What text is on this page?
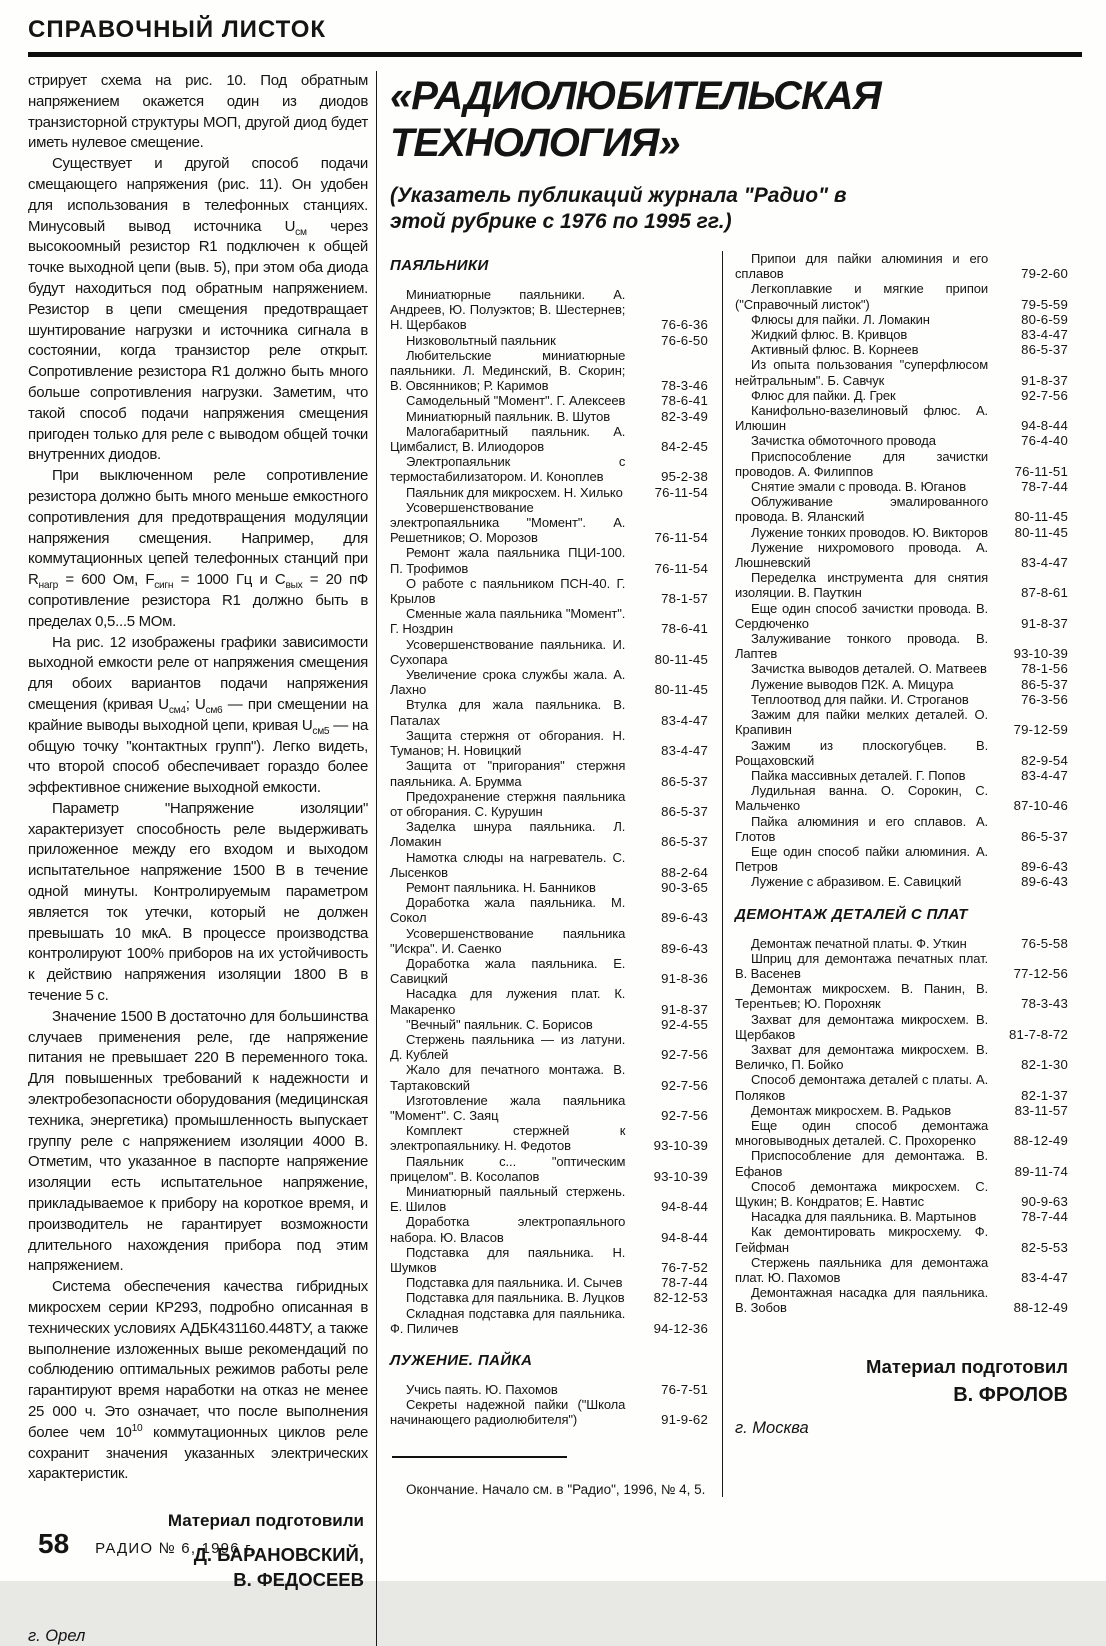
СПРАВОЧНЫЙ ЛИСТОК

стрирует схема на рис. 10. Под обратным напряжением окажется один из диодов транзисторной структуры МОП, другой диод будет иметь нулевое смещение.

Существует и другой способ подачи смещающего напряжения (рис. 11). Он удобен для использования в телефонных станциях. Минусовый вывод источника $U_{см}$ через высокоомный резистор R1 подключен к общей точке выходной цепи (выв. 5), при этом оба диода будут находиться под обратным напряжением. Резистор в цепи смещения предотвращает шунтирование нагрузки и источника сигнала в состоянии, когда транзистор реле открыт. Сопротивление резистора R1 должно быть много больше сопротивления нагрузки. Заметим, что такой способ подачи напряжения смещения пригоден только для реле с выводом общей точки внутренних диодов.

При выключенном реле сопротивление резистора должно быть много меньше емкостного сопротивления для предотвращения модуляции напряжения смещения. Например, для коммутационных цепей телефонных станций при $R_{нагр} = 600$ Ом, $F_{сигн} = 1000$ Гц и $С_{вых} = 20$ пФ сопротивление резистора R1 должно быть в пределах 0,5...5 МОм.

На рис. 12 изображены графики зависимости выходной емкости реле от напряжения смещения для обоих вариантов подачи напряжения смещения (кривая $U_{см4}$; $U_{см6}$ — при смещении на крайние выводы выходной цепи, кривая $U_{см5}$ — на общую точку "контактных групп"). Легко видеть, что второй способ обеспечивает гораздо более эффективное снижение выходной емкости.

Параметр "Напряжение изоляции" характеризует способность реле выдерживать приложенное между его входом и выходом испытательное напряжение 1500 В в течение одной минуты. Контролируемым параметром является ток утечки, который не должен превышать 10 мкА. В процессе производства контролируют 100% приборов на их устойчивость к действию напряжения изоляции 1800 В в течение 5 с.

Значение 1500 В достаточно для большинства случаев применения реле, где напряжение питания не превышает 220 В переменного тока. Для повышенных требований к надежности и электробезопасности оборудования (медицинская техника, энергетика) промышленность выпускает группу реле с напряжением изоляции 4000 В. Отметим, что указанное в паспорте напряжение изоляции есть испытательное напряжение, прикладываемое к прибору на короткое время, и производитель не гарантирует возможности длительного нахождения прибора под этим напряжением.

Система обеспечения качества гибридных микросхем серии КР293, подробно описанная в технических условиях АДБК431160.448ТУ, а также выполнение изложенных выше рекомендаций по соблюдению оптимальных режимов работы реле гарантируют время наработки на отказ не менее 25 000 ч. Это означает, что после выполнения более чем $10^{10}$ коммутационных циклов реле сохранит значения указанных электрических характеристик.

Материал подготовили
Д. БАРАНОВСКИЙ,
В. ФЕДОСЕЕВ
г. Орел
«РАДИОЛЮБИТЕЛЬСКАЯ ТЕХНОЛОГИЯ»
(Указатель публикаций журнала "Радио" в этой рубрике с 1976 по 1995 гг.)
ПАЯЛЬНИКИ
Миниатюрные паяльники. А. Андреев, Ю. Полуэктов; В. Шестернев; Н. Щербаков	76-6-36
Низковольтный паяльник	76-6-50
Любительские миниатюрные паяльники. Л. Мединский, В. Скорин; В. Овсянников; Р. Каримов	78-3-46
Самодельный "Момент". Г. Алексеев	78-6-41
Миниатюрный паяльник. В. Шутов	82-3-49
Малогабаритный паяльник. А. Цимбалист, В. Илиодоров	84-2-45
Электропаяльник с термостабилизатором. И. Коноплев	95-2-38
Паяльник для микросхем. Н. Хилько	76-11-54
Усовершенствование электропаяльника "Момент". А. Решетников; О. Морозов	76-11-54
Ремонт жала паяльника ПЦИ-100. П. Трофимов	76-11-54
О работе с паяльником ПСН-40. Г. Крылов	78-1-57
Сменные жала паяльника "Момент". Г. Ноздрин	78-6-41
Усовершенствование паяльника. И. Сухопара	80-11-45
Увеличение срока службы жала. А. Лахно	80-11-45
Втулка для жала паяльника. В. Паталах	83-4-47
Защита стержня от обгорания. Н. Туманов; Н. Новицкий	83-4-47
Защита от "пригорания" стержня паяльника. А. Брумма	86-5-37
Предохранение стержня паяльника от обгорания. С. Курушин	86-5-37
Заделка шнура паяльника. Л. Ломакин	86-5-37
Намотка слюды на нагреватель. С. Лысенков	88-2-64
Ремонт паяльника. Н. Банников	90-3-65
Доработка жала паяльника. М. Сокол	89-6-43
Усовершенствование паяльника "Искра". И. Саенко	89-6-43
Доработка жала паяльника. Е. Савицкий	91-8-36
Насадка для лужения плат. К. Макаренко	91-8-37
"Вечный" паяльник. С. Борисов	92-4-55
Стержень паяльника — из латуни. Д. Кублей	92-7-56
Жало для печатного монтажа. В. Тартаковский	92-7-56
Изготовление жала паяльника "Момент". С. Заяц	92-7-56
Комплект стержней к электропаяльнику. Н. Федотов	93-10-39
Паяльник с... "оптическим прицелом". В. Косолапов	93-10-39
Миниатюрный паяльный стержень. Е. Шилов	94-8-44
Доработка электропаяльного набора. Ю. Власов	94-8-44
Подставка для паяльника. Н. Шумков	76-7-52
Подставка для паяльника. И. Сычев	78-7-44
Подставка для паяльника. В. Луцков	82-12-53
Складная подставка для паяльника. Ф. Пиличев	94-12-36
ЛУЖЕНИЕ. ПАЙКА
Учись паять. Ю. Пахомов	76-7-51
Секреты надежной пайки ("Школа начинающего радиолюбителя")	91-9-62
Окончание. Начало см. в "Радио", 1996, № 4, 5.
Припои для пайки алюминия и его сплавов	79-2-60
Легкоплавкие и мягкие припои ("Справочный листок")	79-5-59
Флюсы для пайки. Л. Ломакин	80-6-59
Жидкий флюс. В. Кривцов	83-4-47
Активный флюс. В. Корнеев	86-5-37
Из опыта пользования "суперфлюсом нейтральным". Б. Савчук	91-8-37
Флюс для пайки. Д. Грек	92-7-56
Канифольно-вазелиновый флюс. А. Илюшин	94-8-44
Зачистка обмоточного провода	76-4-40
Приспособление для зачистки проводов. А. Филиппов	76-11-51
Снятие эмали с провода. В. Юганов	78-7-44
Облуживание эмалированного провода. В. Яланский	80-11-45
Лужение тонких проводов. Ю. Викторов	80-11-45
Лужение нихромового провода. А. Люшневский	83-4-47
Переделка инструмента для снятия изоляции. В. Пауткин	87-8-61
Еще один способ зачистки провода. В. Сердюченко	91-8-37
Залуживание тонкого провода. В. Лаптев	93-10-39
Зачистка выводов деталей. О. Матвеев	78-1-56
Лужение выводов П2К. А. Мицура	86-5-37
Теплоотвод для пайки. И. Строганов	76-3-56
Зажим для пайки мелких деталей. О. Крапивин	79-12-59
Зажим из плоскогубцев. В. Рощаховский	82-9-54
Пайка массивных деталей. Г. Попов	83-4-47
Лудильная ванна. О. Сорокин, С. Мальченко	87-10-46
Пайка алюминия и его сплавов. А. Глотов	86-5-37
Еще один способ пайки алюминия. А. Петров	89-6-43
Лужение с абразивом. Е. Савицкий	89-6-43
ДЕМОНТАЖ ДЕТАЛЕЙ С ПЛАТ
Демонтаж печатной платы. Ф. Уткин	76-5-58
Шприц для демонтажа печатных плат. В. Васенев	77-12-56
Демонтаж микросхем. В. Панин, В. Терентьев; Ю. Порохняк	78-3-43
Захват для демонтажа микросхем. В. Щербаков	81-7-8-72
Захват для демонтажа микросхем. В. Величко, П. Бойко	82-1-30
Способ демонтажа деталей с платы. А. Поляков	82-1-37
Демонтаж микросхем. В. Радьков	83-11-57
Еще один способ демонтажа многовыводных деталей. С. Прохоренко	88-12-49
Приспособление для демонтажа. В. Ефанов	89-11-74
Способ демонтажа микросхем. С. Щукин; В. Кондратов; Е. Навтис	90-9-63
Насадка для паяльника. В. Мартынов	78-7-44
Как демонтировать микросхему. Ф. Гейфман	82-5-53
Стержень паяльника для демонтажа плат. Ю. Пахомов	83-4-47
Демонтажная насадка для паяльника. В. Зобов	88-12-49
Материал подготовил
В. ФРОЛОВ
г. Москва
58 РАДИО № 6, 1996 г.
